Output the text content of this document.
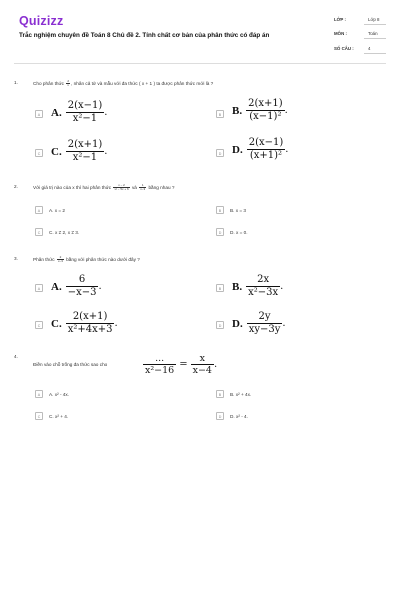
Quizizz
Trắc nghiệm chuyên đề Toán 8 Chủ đề 2. Tính chất cơ bản của phân thức có đáp án
LỚP :	Lớp 8
MÔN :	Toán
SỐ CÂU :	4
1.	Cho phân thức $\frac{2}{x}$ , nhân cả tử và mẫu với đa thức ( x + 1 ) ta được phân thức mới là ?
A A. $\frac{2(x-1)}{\text{x²−1}}$ .	B B. $\frac{2(x+1)}{\text{(x−1)²}}$ .
C C. $\frac{2(x+1)}{\text{x²−1}}$ .	D D. $\frac{2(x-1)}{\text{(x+1)²}}$ .
2.	Với giá trị nào của x thì hai phân thức $\frac{x - 2}{\text{x² − 5x + 6}}$ và $\frac{1}{x-3}$ bằng nhau ?
A	A. x = 2	B	B. x = 3
C	C. x ≠ 2, x ≠ 3.	D	D. x = 0.
3.	Phân thức $\frac{2}{x-3}$ bằng với phân thức nào dưới đây ?
A A. $\frac{6}{-x-3}$ .	B B. $\frac{2x}{\text{x²−3x}}$ .
C C. $\frac{2(x+1)}{\text{x²+4x+3}}$ .	D D. $\frac{2y}{xy-3y}$ .
4.
Điền vào chỗ trống đa thức sao cho	$\frac{...}{\text{x²−16}} = \frac{x}{x-4}$ .
A	A. x² - 4x.	B	B. x² + 4x.
C	C. x² + 4.	D	D. x² - 4.
